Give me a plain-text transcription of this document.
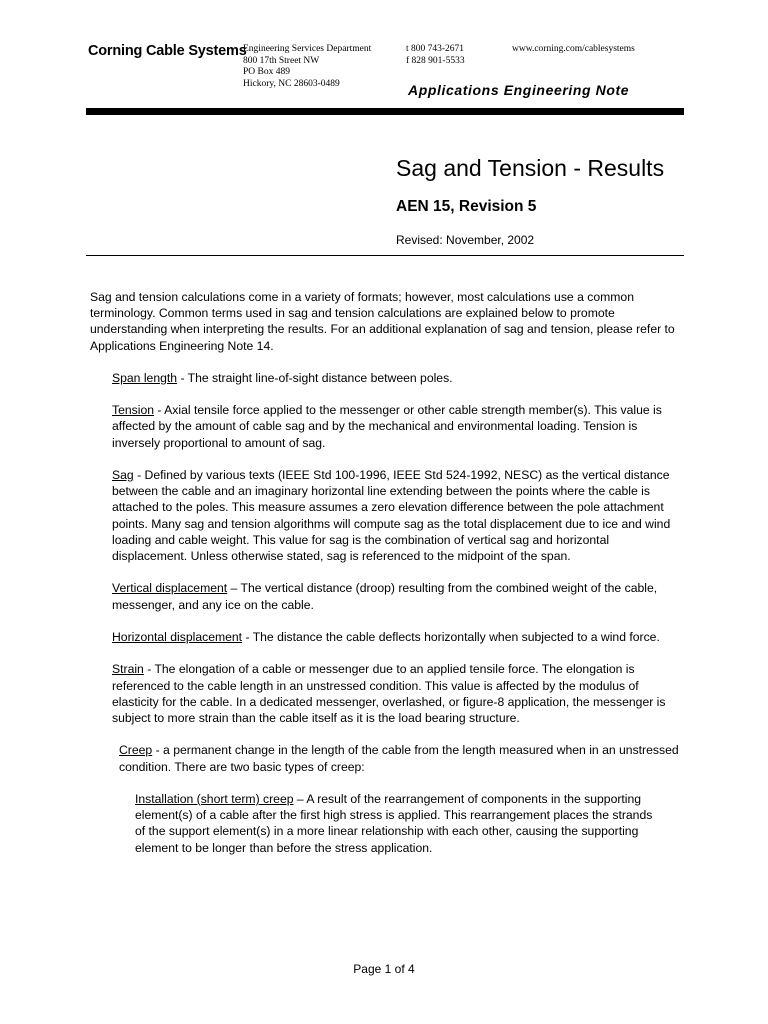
Corning Cable Systems
Engineering Services Department
800 17th Street NW
PO Box 489
Hickory, NC 28603-0489
t 800 743-2671
f 828 901-5533
www.corning.com/cablesystems
Applications Engineering Note
Sag and Tension - Results
AEN 15, Revision 5
Revised: November, 2002

Sag and tension calculations come in a variety of formats; however, most calculations use a common terminology. Common terms used in sag and tension calculations are explained below to promote understanding when interpreting the results. For an additional explanation of sag and tension, please refer to Applications Engineering Note 14.

Span length - The straight line-of-sight distance between poles.

Tension - Axial tensile force applied to the messenger or other cable strength member(s). This value is affected by the amount of cable sag and by the mechanical and environmental loading. Tension is inversely proportional to amount of sag.

Sag - Defined by various texts (IEEE Std 100-1996, IEEE Std 524-1992, NESC) as the vertical distance between the cable and an imaginary horizontal line extending between the points where the cable is attached to the poles. This measure assumes a zero elevation difference between the pole attachment points. Many sag and tension algorithms will compute sag as the total displacement due to ice and wind loading and cable weight. This value for sag is the combination of vertical sag and horizontal displacement. Unless otherwise stated, sag is referenced to the midpoint of the span.

Vertical displacement – The vertical distance (droop) resulting from the combined weight of the cable, messenger, and any ice on the cable.

Horizontal displacement - The distance the cable deflects horizontally when subjected to a wind force.

Strain - The elongation of a cable or messenger due to an applied tensile force. The elongation is referenced to the cable length in an unstressed condition. This value is affected by the modulus of elasticity for the cable. In a dedicated messenger, overlashed, or figure-8 application, the messenger is subject to more strain than the cable itself as it is the load bearing structure.

Creep - a permanent change in the length of the cable from the length measured when in an unstressed condition. There are two basic types of creep:

Installation (short term) creep – A result of the rearrangement of components in the supporting element(s) of a cable after the first high stress is applied. This rearrangement places the strands of the support element(s) in a more linear relationship with each other, causing the supporting element to be longer than before the stress application.

Page 1 of 4
